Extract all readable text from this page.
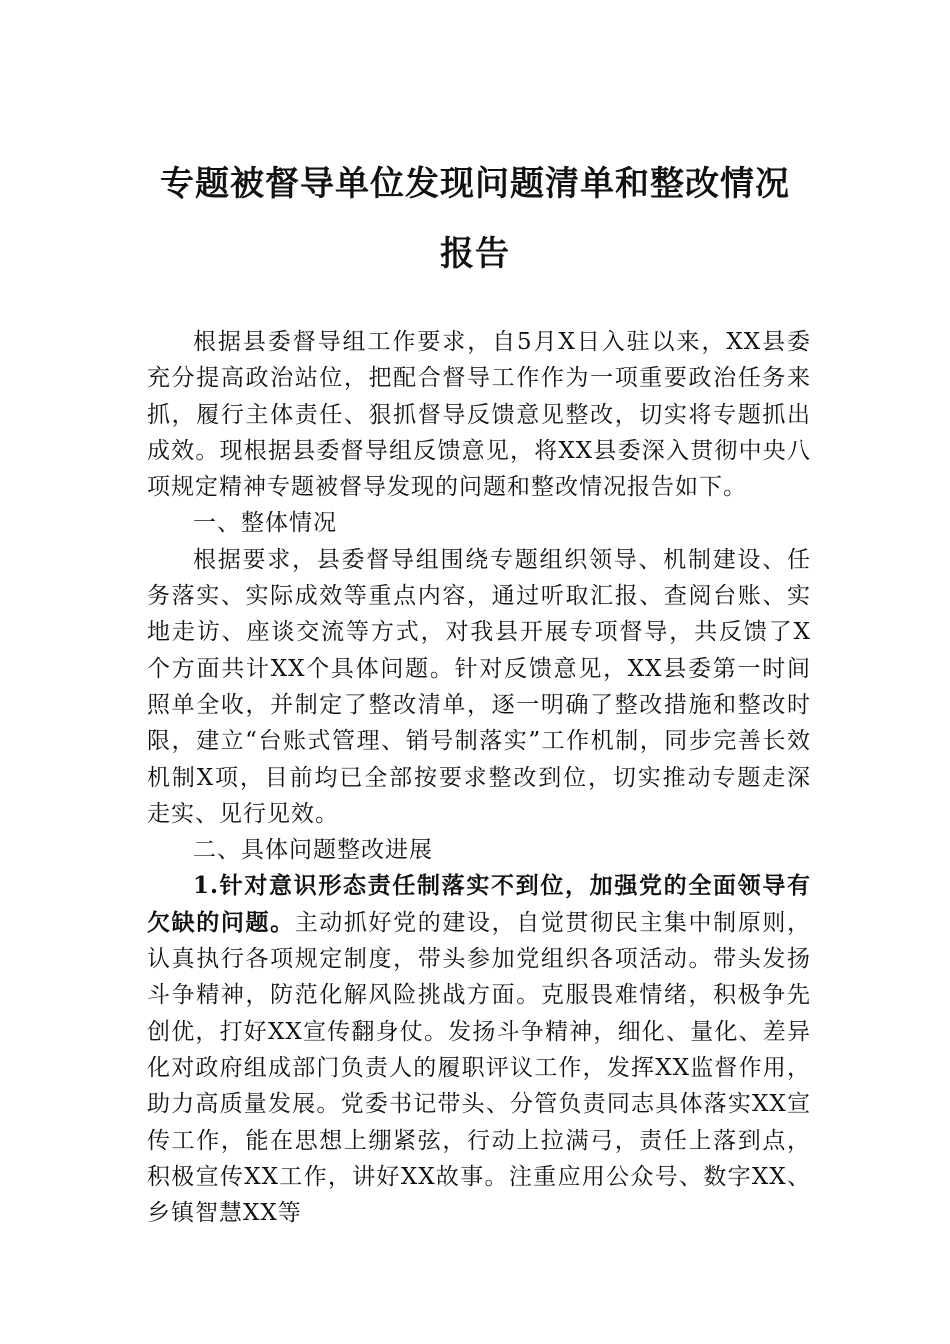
专题被督导单位发现问题清单和整改情况
报告

根据县委督导组工作要求，自5月X日入驻以来，XX县委充分提高政治站位，把配合督导工作作为一项重要政治任务来抓，履行主体责任、狠抓督导反馈意见整改，切实将专题抓出成效。现根据县委督导组反馈意见，将XX县委深入贯彻中央八项规定精神专题被督导发现的问题和整改情况报告如下。

一、整体情况

根据要求，县委督导组围绕专题组织领导、机制建设、任务落实、实际成效等重点内容，通过听取汇报、查阅台账、实地走访、座谈交流等方式，对我县开展专项督导，共反馈了X个方面共计XX个具体问题。针对反馈意见，XX县委第一时间照单全收，并制定了整改清单，逐一明确了整改措施和整改时限，建立“台账式管理、销号制落实”工作机制，同步完善长效机制X项，目前均已全部按要求整改到位，切实推动专题走深走实、见行见效。

二、具体问题整改进展

1.针对意识形态责任制落实不到位，加强党的全面领导有欠缺的问题。主动抓好党的建设，自觉贯彻民主集中制原则，认真执行各项规定制度，带头参加党组织各项活动。带头发扬斗争精神，防范化解风险挑战方面。克服畏难情绪，积极争先创优，打好XX宣传翻身仗。发扬斗争精神，细化、量化、差异化对政府组成部门负责人的履职评议工作，发挥XX监督作用，助力高质量发展。党委书记带头、分管负责同志具体落实XX宣传工作，能在思想上绷紧弦，行动上拉满弓，责任上落到点，积极宣传XX工作，讲好XX故事。注重应用公众号、数字XX、乡镇智慧XX等
